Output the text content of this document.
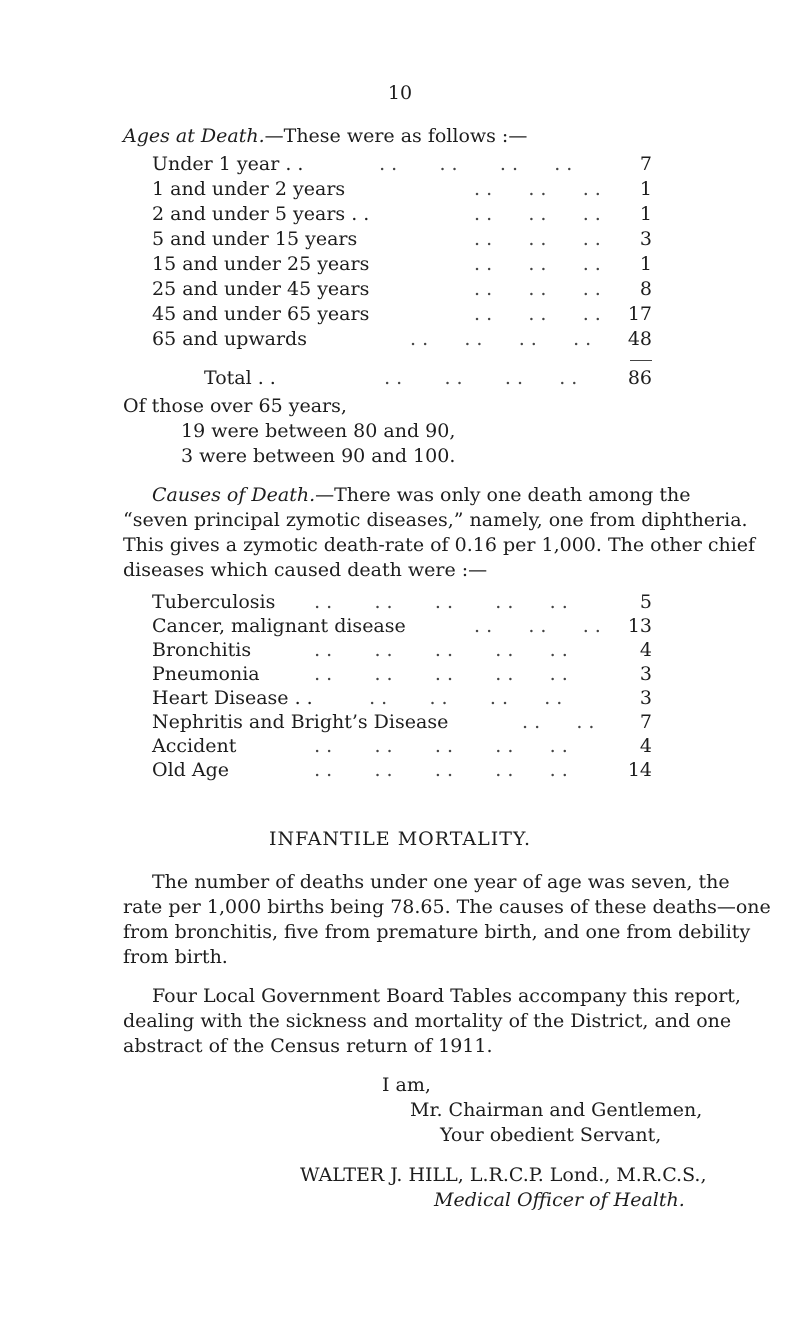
10
Ages at Death.—These were as follows :—
Under 1 year . .	. .       . .       . .      . .	7
1 and under 2 years	. .      . .      . . 1
2 and under 5 years . .	. .      . .      . . 1
5 and under 15 years	. .      . .      . . 3
15 and under 25 years	. .      . .      . . 1
25 and under 45 years	. .      . .      . . 8
45 and under 65 years	. .      . .      . . 17
65 and upwards	. .      . .      . .      . . 48
Total . .	. .       . .       . .      . .	86
Of those over 65 years,
19 were between 80 and 90,
3 were between 90 and 100.
Causes of Death.—There was only one death among the
“seven principal zymotic diseases,” namely, one from diphtheria.
This gives a zymotic death-rate of 0.16 per 1,000. The other chief
diseases which caused death were :—
Tuberculosis . .       . .       . .       . .      . .	5
Cancer, malignant disease	. .      . .      . . 13
Bronchitis	. .       . .       . .       . .      . .	4
Pneumonia . .       . .       . .       . .      . .	3
Heart Disease . . . .       . .       . .      . .	3
Nephritis and Bright’s Disease	. .      . . 7
Accident	. .       . .       . .       . .      . .	4
Old Age	. .       . .       . .       . .      . .	14
INFANTILE MORTALITY.
The number of deaths under one year of age was seven, the
rate per 1,000 births being 78.65. The causes of these deaths—one
from bronchitis, five from premature birth, and one from debility
from birth.
Four Local Government Board Tables accompany this report,
dealing with the sickness and mortality of the District, and one
abstract of the Census return of 1911.
I am,
Mr. Chairman and Gentlemen,
Your obedient Servant,
WALTER J. HILL, L.R.C.P. Lond., M.R.C.S.,
Medical Officer of Health.
